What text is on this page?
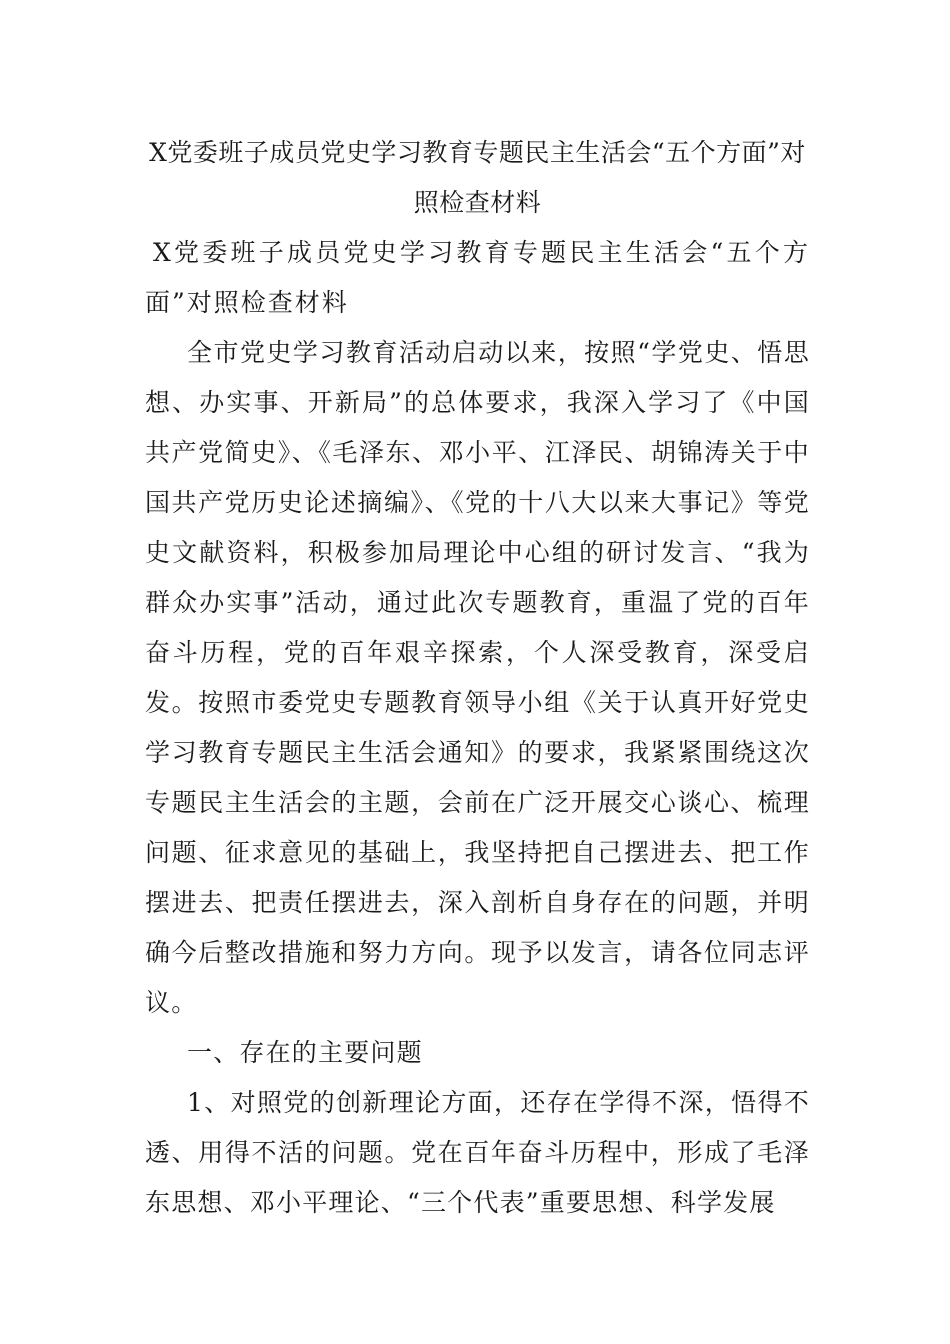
X党委班子成员党史学习教育专题民主生活会“五个方面”对照检查材料

X党委班子成员党史学习教育专题民主生活会“五个方面”对照检查材料

全市党史学习教育活动启动以来，按照“学党史、悟思想、办实事、开新局”的总体要求，我深入学习了《中国共产党简史》、《毛泽东、邓小平、江泽民、胡锦涛关于中国共产党历史论述摘编》、《党的十八大以来大事记》等党史文献资料，积极参加局理论中心组的研讨发言、“我为群众办实事”活动，通过此次专题教育，重温了党的百年奋斗历程，党的百年艰辛探索，个人深受教育，深受启发。按照市委党史专题教育领导小组《关于认真开好党史学习教育专题民主生活会通知》的要求，我紧紧围绕这次专题民主生活会的主题，会前在广泛开展交心谈心、梳理问题、征求意见的基础上，我坚持把自己摆进去、把工作摆进去、把责任摆进去，深入剖析自身存在的问题，并明确今后整改措施和努力方向。现予以发言，请各位同志评议。

一、存在的主要问题

1、对照党的创新理论方面，还存在学得不深，悟得不透、用得不活的问题。党在百年奋斗历程中，形成了毛泽东思想、邓小平理论、“三个代表”重要思想、科学发展
